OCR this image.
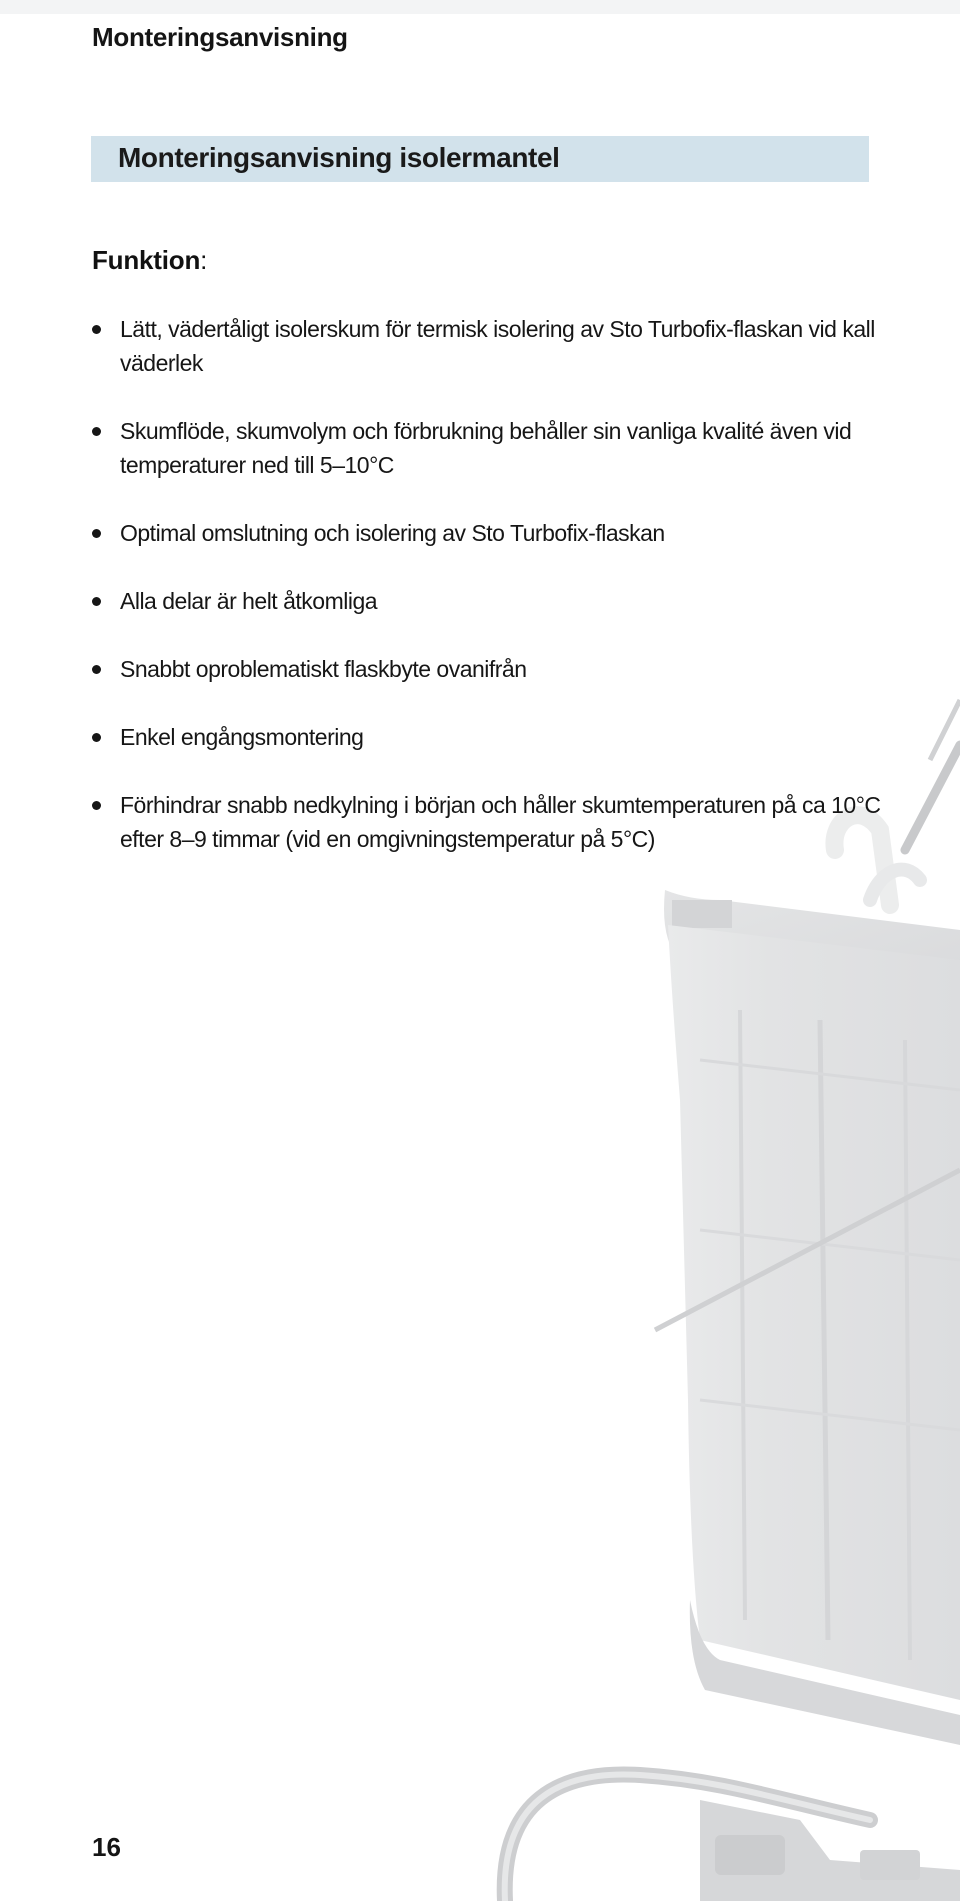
Monteringsanvisning
Monteringsanvisning isolermantel
Funktion:
Lätt, vädertåligt isolerskum för termisk isolering av Sto Turbofix-flaskan vid kall väderlek
Skumflöde, skumvolym och förbrukning behåller sin vanliga kvalité även vid temperaturer ned till 5–10°C
Optimal omslutning och isolering av Sto Turbofix-flaskan
Alla delar är helt åtkomliga
Snabbt oproblematiskt flaskbyte ovanifrån
Enkel engångsmontering
Förhindrar snabb nedkylning i början och håller skumtemperaturen på ca 10°C efter 8–9 timmar (vid en omgivningstemperatur på 5°C)
16
